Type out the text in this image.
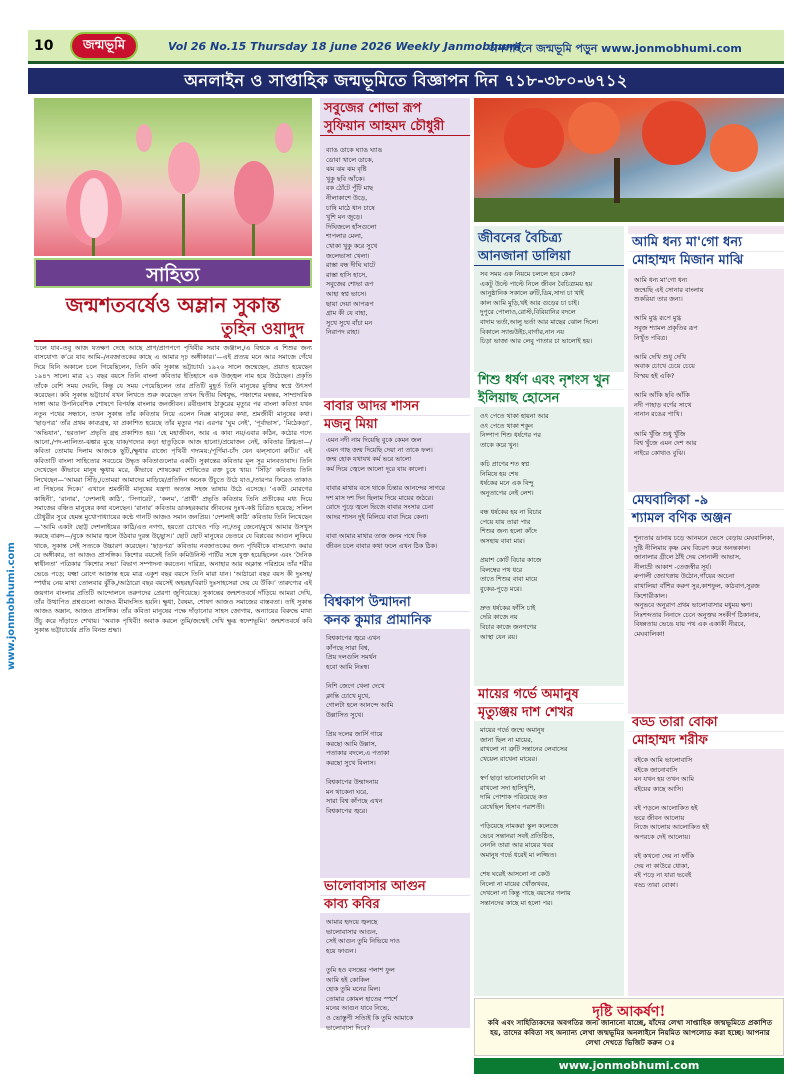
10	জন্মভূমি	Vol 26 No.15 Thursday 18 june 2026 Weekly Janmobhumi
অনলাইনে জন্মভূমি পড়ুন www.jonmobhumi.com
অনলাইন ও সাপ্তাহিক জন্মভূমিতে বিজ্ঞাপন দিন ৭১৮-৩৮০-৬৭১২
www.jonmobhumi.com
সাহিত্য
জন্মশতবর্ষেও অম্লান সুকান্ত
তুহিন ওয়াদুদ
‘চলে যাব–তবু আজ যতক্ষণ দেহে আছে প্রাণ/প্রাণপণে পৃথিবীর সরাব জঞ্জাল,/এ বিশ্বকে এ শিশুর জন্য বাসযোগ্য ক’রে যাব আমি–/নবজাতকের কাছে এ আমার দৃঢ় অঙ্গীকার।’—এই প্রত্যয় মনে আর সমাজে গেঁথে দিয়ে যিনি অকালে চলে গিয়েছিলেন, তিনি কবি সুকান্ত ভট্টাচার্য। ১৯২৬ সালে জন্মেছেন, প্রয়াত হয়েছেন ১৯৪৭ সালে। মাত্র ২১ বছর বয়সে তিনি বাংলা কবিতার ইতিহাসে এক উজ্জ্বল নাম হয়ে উঠেছেন। প্রকৃতি তাঁকে বেশি সময় দেয়নি, কিন্তু যে সময় পেয়েছিলেন তার প্রতিটি মুহূর্ত তিনি মানুষের মুক্তির স্বপ্নে উৎসর্গ করেছেন। কবি সুকান্ত ভট্টাচার্য যখন লিখতে শুরু করেছেন তখন দ্বিতীয় বিশ্বযুদ্ধ, পঞ্চাশের মন্বন্তর, সাম্প্রদায়িক দাঙ্গা আর উপনিবেশিক শোষণে বিপর্যস্ত বাংলার জনজীবন। রবীন্দ্রনাথ ঠাকুরের মৃত্যুর পর বাংলা কবিতা যখন নতুন পথের সন্ধানে, তখন সুকান্ত তাঁর কবিতায় নিয়ে এলেন নিরন্ন মানুষের কথা, শ্রমজীবী মানুষের কথা। ‘ছাড়পত্র’ তাঁর প্রথম কাব্যগ্রন্থ, যা প্রকাশিত হয়েছে তাঁর মৃত্যুর পর। এরপর ‘ঘুম নেই’, ‘পূর্বাভাস’, ‘মিঠেকড়া’, ‘অভিযান’, ‘হরতাল’ প্রভৃতি গ্রন্থ প্রকাশিত হয়। ‘হে মহাজীবন, আর এ কাব্য নয়/এবার কঠিন, কঠোর গদ্যে আনো,/পদ-লালিত্য-ঝঙ্কার মুছে যাক/গদ্যের কড়া হাতুড়িকে আজ হানো!/প্রয়োজন নেই, কবিতার স্নিগ্ধতা—/কবিতা তোমায় দিলাম আজকে ছুটি,/ক্ষুধার রাজ্যে পৃথিবী গদ্যময়:/পূর্ণিমা-চাঁদ যেন ঝল্‌সানো রুটি॥’ এই কবিতাটি বাংলা সাহিত্যের সবচেয়ে উদ্ধৃত কবিতাগুলোর একটি। সুকান্তের কবিতার মূল সুর মানবতাবাদ। তিনি দেখেছেন কীভাবে মানুষ ক্ষুধায় মরে, কীভাবে শোষকেরা শোষিতের রক্ত চুষে খায়। ‘সিঁড়ি’ কবিতায় তিনি লিখেছেন—‘আমরা সিঁড়ি,/তোমরা আমাদের মাড়িয়ে/প্রতিদিন অনেক উঁচুতে উঠে যাও,/তারপর ফিরেও তাকাও না পিছনের দিকে।’ এখানে শ্রমজীবী মানুষের যন্ত্রণা অত্যন্ত সহজ ভাষায় উঠে এসেছে। ‘একটি মোরগের কাহিনী’, ‘রানার’, ‘দেশলাই কাঠি’, ‘সিগারেট’, ‘কলম’, ‘প্রার্থী’ প্রভৃতি কবিতায় তিনি প্রতীকের মধ্য দিয়ে সমাজের বঞ্চিত মানুষের কথা বলেছেন। ‘রানার’ কবিতায় ডাকহরকরার জীবনের দুঃখ-কষ্ট চিত্রিত হয়েছে; সলিল চৌধুরীর সুরে হেমন্ত মুখোপাধ্যায়ের কণ্ঠে গানটি আজও সমান জনপ্রিয়। ‘দেশলাই কাঠি’ কবিতায় তিনি লিখেছেন—‘আমি একটা ছোট্ট দেশলাইয়ের কাঠি/এত নগণ্য, হয়তো চোখেও পড়ি না;/তবু জেনো/মুখে আমার উসখুস করছে বারুদ—/বুকে আমার জ্বলে উঠবার দুরন্ত উচ্ছ্বাস।’ ছোট ছোট মানুষের ভেতরে যে বিপ্লবের আগুন লুকিয়ে থাকে, সুকান্ত সেই সত্যকে উচ্চারণ করেছেন। ‘ছাড়পত্র’ কবিতায় নবজাতকের জন্য পৃথিবীকে বাসযোগ্য করার যে অঙ্গীকার, তা আজও প্রাসঙ্গিক। কিশোর বয়সেই তিনি কমিউনিস্ট পার্টির সঙ্গে যুক্ত হয়েছিলেন এবং ‘দৈনিক স্বাধীনতা’ পত্রিকার ‘কিশোর সভা’ বিভাগ সম্পাদনা করতেন। দারিদ্র্য, অনাহার আর অক্লান্ত পরিশ্রমে তাঁর শরীর ভেঙে পড়ে; যক্ষ্মা রোগে আক্রান্ত হয়ে মাত্র একুশ বছর বয়সে তিনি মারা যান। ‘আঠারো বছর বয়স কী দুঃসহ/স্পর্ধায় নেয় মাথা তোলবার ঝুঁকি,/আঠারো বছর বয়সেই অহরহ/বিরাট দুঃসাহসেরা দেয় যে উঁকি।’ তারুণ্যের এই জয়গান বাংলার প্রতিটি আন্দোলনে তরুণদের প্রেরণা জুগিয়েছে। সুকান্তের জন্মশতবর্ষে দাঁড়িয়ে আমরা দেখি, তাঁর উত্থাপিত প্রশ্নগুলো আজও মীমাংসিত হয়নি। ক্ষুধা, বৈষম্য, শোষণ আজও সমাজের বাস্তবতা। তাই সুকান্ত আজও অম্লান, আজও প্রাসঙ্গিক। তাঁর কবিতা মানুষের পক্ষে দাঁড়ানোর সাহস জোগায়, অন্যায়ের বিরুদ্ধে মাথা উঁচু করে দাঁড়াতে শেখায়। ‘অবাক পৃথিবী! অবাক করলে তুমি/জন্মেই দেখি ক্ষুব্ধ স্বদেশভূমি।’ জন্মশতবর্ষে কবি সুকান্ত ভট্টাচার্যের প্রতি বিনম্র শ্রদ্ধা।
সবুজের শোভা রূপ
সুফিয়ান আহমদ চৌধুরী
ব্যাঙ ডাকে ঘ্যাঙ ঘ্যাঙ
ডোবা খালে ডাকে,
ঝম ঝম ঝম বৃষ্টি
খুকু ছবি আঁকে।
বক ঠোঁটে পুঁটি মাছ
নীলাকাশে উড়ে,
চাষি মাঠে ধান চাষে
খুশি মন জুড়ে।
দিঘিজলে হাঁসগুলো
শাপলার মেলা,
খোকা খুকু করে সুখে
জলেভাসা খেলা।
রাস্তা বন্ধ দীঘি ঘাটে
রাস্তা হাসি হাসে,
সবুজের শোভা রূপ
আহা স্বপ্ন ভাসে।
ছায়া দেয়া আপরূপ
গ্রাম কী যে বাহা,
সুখে সুখে বাঁচা মন
নিরাপদ রাহা।
বাবার আদর শাসন
মজনু মিয়া
এমন নদী নাম দিয়েছি বুকে কেমন জল
এমন গাছ জন্ম দিয়েছি দেয়া না তাকে ফল।
জন্ম হোক যথাযথ কর্ম ভরে ভালো
কর্ম দিয়ে জ্বেলে আলো দূরে যায় কালো।

বাবার মাথায় বসে থাকে চিন্তার আনন্দের সাগরে
দশ মাস দশ দিন ছিলাম দিয়ে মায়ের জঠরে।
রোদে পুড়ে জ্বলে ভিজে বাবার সংসার চেনা
আদর শাসন দুই মিলিয়ে বাবা দিয়ে কেনা।

বাবা আমার মাথার তাজ জনম পথে দিক
জীবন চলে বাবার কথা ফলে এখন ঠিক ঠিক।
বিশ্বকাপ উন্মাদনা
কনক কুমার প্রামানিক
বিশ্বকাপের জ্বরে এখন
কাঁপছে সারা বিশ্ব,
প্রিয় দলগুলি সমর্থন
হবো আমি নিঃস্ব।

নিশি জেগে খেলা দেখে
ক্লান্তি চোখে মুখে,
গোলটা হলে আনন্দে আমি
উল্লাসিত সুখে।

প্রিয় দলের জার্সি গায়ে
করছো আমি উল্লাস,
পতাকার বদলে,এ পতাকা
করছো সুখে বিলাস।

বিশ্বকাপের উন্মাদনায়
মন থাকেনা ঘরে,
সারা বিশ্ব কাঁপছে এখন
বিশ্বকাপের জ্বরে।
ভালোবাসার আগুন
কাব্য কবির
আমার হৃদয়ে জ্বলছে
ভালোবাসার আগুন,
সেই আগুন তুমি নিভিয়ে দাও
হয়ে ফাগুন।

তুমি হও বসন্তের পলাশ ফুল
আমি হই কোকিল
হোক তুমি মনের মিল।
তোমার কোমল হাতের স্পর্শে
মনের আগুন যাবে নিভে,
ও ভোস্তুপী সত্যিই কি তুমি আমাকে
ভালোবাসা দিবে?
জীবনের বৈচিত্র্য
আনজানা ডালিয়া
সব সময় এক নিয়মে চললে হবে কেন?
একটু উল্টে পাল্টে নিলে জীবন বৈচিত্র্যময় হয়
আনুষ্ঠানিক সকালে রুটি,ডিম,সাদা চা খাই
কাল আমি মুড়ি,খই আর গুড়ের চা চাই।
দুপুরে পোলাও,রোস্ট,বিরিয়ানির বদলে
বাদাম ভর্তা,আলু ভর্তা আর মাছের ঝোল দিলে।
বিকালে স্যান্ডউইচ,বার্গার,নান নয়
চিড়া ভাজা আর লেবু পাতার চা ভালোই হয়।
শিশু ধর্ষণ এবং নৃশংস খুন
ইলিয়াছ হোসেন
ওৎ পেতে থাকা হায়না আর
ওৎ পেতে থাকা শকুন
নিষ্পাপ শিশু ধর্ষণের পর
তাকে করে খুন।

কচি প্রাণের শত স্বপ্ন
নিমিষে হয় শেষ
ধর্ষকের মনে এক বিন্দু
অনুতাপের নেই লেশ।

বন্ধ ধর্ষকের হয় না বিচার
পেয়ে যায় তারা পার
শিশুর জন্য হলো কাঁদে
অসহায় বাবা মার।

প্রয়াশ কোর্ট বিচার কাজে
বিলম্বের পথ ধরে
তাতে শিশুর বাবা মায়ে
বুকের-পুড়ে মরে।

দ্রুত ধর্ষকের ফাঁসি চাই
দেরি কাজে নয়
বিচার কাজে জনগণের
আস্থা যেন রয়।
মায়ের গর্ভে অমানুষ
মৃত্যুঞ্জয় দাশ শেখর
মায়ের গর্ভে জন্মে অমানুষ
জানা ছিল না মায়ের,
রাখলো না ত্রুটি সন্তানের লেবাসের
খেয়েল রাখেনা মায়ের।

স্বর্গ ছাড়া ভালোবাসেনি মা
রাখলো সদা হাসিখুশি,
দামি পোশাক পরিয়েছে কত
রেখেছিল হিসাব পরাশতী।

পড়িয়েছে নামকরা স্কুল কলেজে
ভেবে সন্তানরা সবই প্রতিষ্ঠিত,
নেননি তারা আর মায়ের খবর
অমানুষ গর্ভে ধরেই মা লজ্জিত।

শেষ ঘরেই আসলো না কেউ
নিলো না মায়ের খোঁজখবর,
দেখলো না কিন্তু পাছে বয়সের গলায়
সন্তানদের কাছে মা হলো পর।
আমি ধন্য মা'গো ধন্য
মোহাম্মদ মিজান মাঝি
আমি ধন্য মা'গো ধন্য
জন্মেছি এই সোনার বাংলায়
শুকরিয়া তার জন্য।

আমি মুগ্ধ রূপে মুগ্ধ
সবুজ শ্যামল প্রকৃতির রূপ
নিখুঁত পবিত্র।

আমি দেখি শুধু দেখি
অবাক চোখে চেয়ে চেয়ে
বিস্ময় হই একি?

আমি আঁকি ছবি আঁকি
নদী পাহাড় বর্ণের সাথে
নানান রঙের পাখি।

আমি খুঁজি শুধু খুঁজি
বিশ্ব খুঁজে এমন দেশ আর
নাইরে কোথাও বুঝি।
মেঘবালিকা -৯
শ্যামল বণিক অঞ্জন
শূন্যতার ডানায় চড়ে আনমনে ভেসে বেড়ায় মেঘবালিকা,
দুষ্টি নীলিমায় কৃষ্ণ মেঘ বিচরণ করে অনন্তকাল।
জানালার গ্রীলে ঠাঁই দেয় সোনালী আভাস,
নীলাভ্রী আকাশ -তেজস্বীর সূর্য।
রুপালী জ্যোৎস্নায় উঠোন,গাঁয়ের অচেনা
রাখালিয়া বাঁশির করুণ সুর,কাশফুল, কাঠবাগ,সুরজ
কিশোরীকাল।
অনুভবে অনুরাগ প্রথম ভালোবাসার মধুময় ক্ষণ।
নিঃশব্দতার নিনাদে চেনে অনুক্তর সংকীর্ণ ঠিকানায়,
বিষন্নতায় ভেঙে যায় পথ এক একাকী নীরবে,
মেঘবালিকা!
বড্ড তারা বোকা
মোহাম্মদ শরীফ
বইকে আমি ভালোবাসি
বইকে জানোবাসি
মন যখন হয় তখন আমি
বইয়ের কাছে আসি।

বই পড়লে আলোকিত হই
ভরে জীবন আলোয়
নিজে আলোয় আলোকিত হই
অপরকে দেই আলোয়।

বই কখনো দেয় না ফাঁকি
দেয় না কাউরে ধোকা,
বই পড়ে না যারা ভবেই
বড্ড তারা বোকা।
দৃষ্টি আকর্ষণ!
কবি এবং সাহিত্যিকদের অবগতির জন্য জানানো যাচ্ছে, যাঁদের লেখা সাপ্তাহিক জন্মভূমিতে প্রকাশিত হয়, তাদের কবিতা সহ অন্যান্য লেখা জন্মভূমির অনলাইনে নিয়মিত আপলোড করা হচ্ছে। আপনার লেখা দেখতে ভিজিট করুন ঃ
www.jonmobhumi.com
